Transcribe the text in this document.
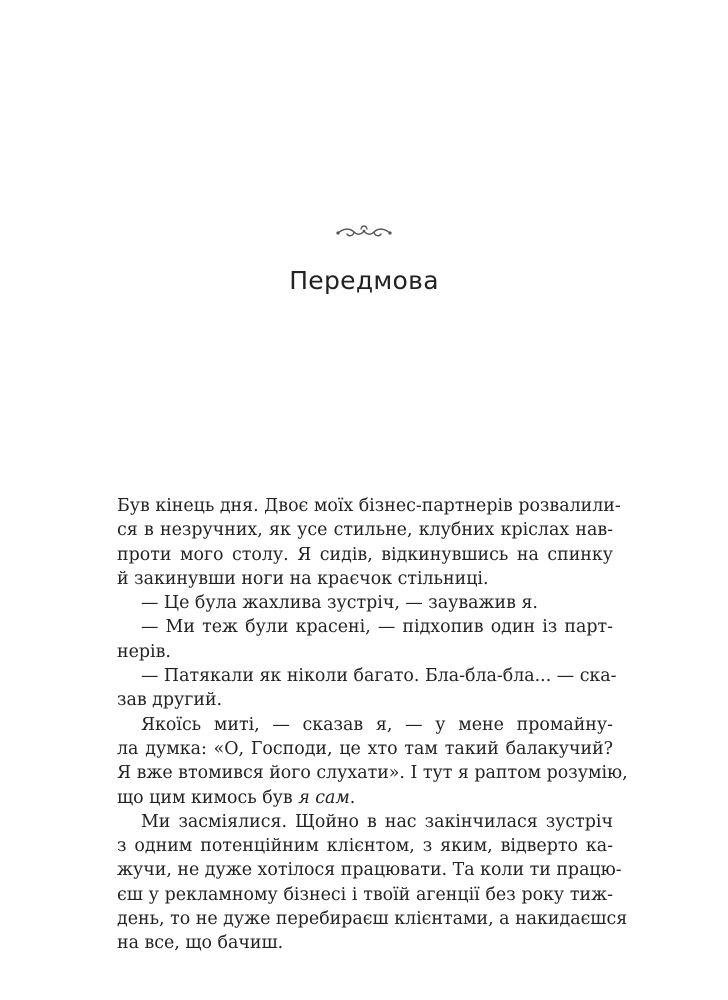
Передмова
Був кінець дня. Двоє моїх бізнес-партнерів розвалили-
ся в незручних, як усе стильне, клубних кріслах нав-
проти мого столу. Я сидів, відкинувшись на спинку
й закинувши ноги на краєчок стільниці.
— Це була жахлива зустріч, — зауважив я.
— Ми теж були красені, — підхопив один із парт-
нерів.
— Патякали як ніколи багато. Бла-бла-бла... — ска-
зав другий.
Якоїсь миті, — сказав я, — у мене промайну-
ла думка: «О, Господи, це хто там такий балакучий?
Я вже втомився його слухати». І тут я раптом розумію,
що цим кимось був я сам.
Ми засміялися. Щойно в нас закінчилася зустріч
з одним потенційним клієнтом, з яким, відверто ка-
жучи, не дуже хотілося працювати. Та коли ти працю-
єш у рекламному бізнесі і твоїй агенції без року тиж-
день, то не дуже перебираєш клієнтами, а накидаєшся
на все, що бачиш.
